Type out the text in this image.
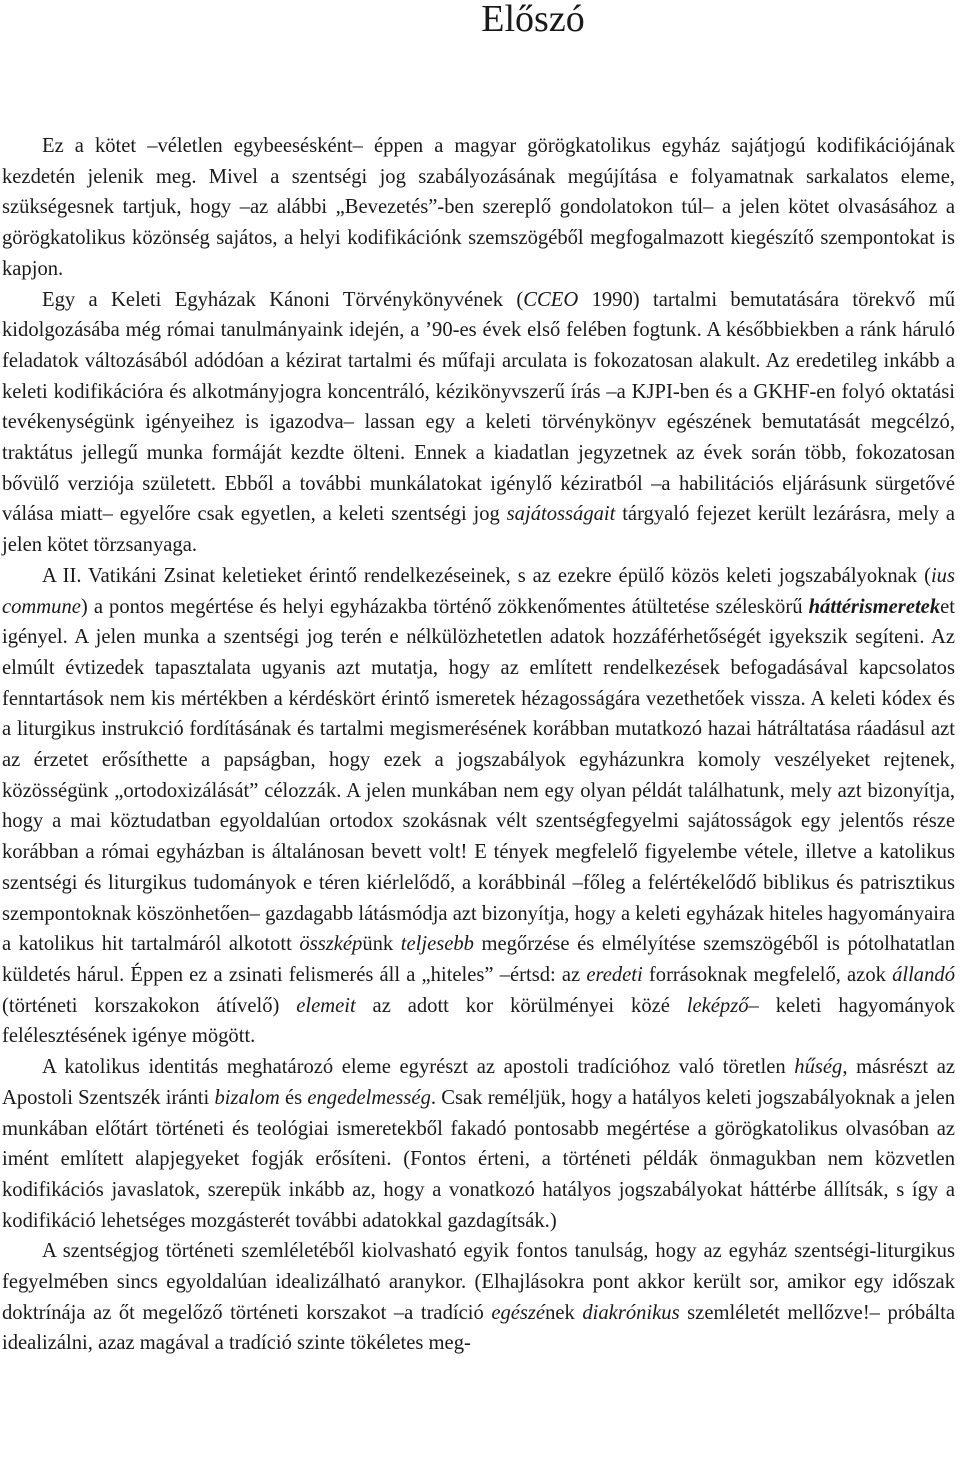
Előszó

Ez a kötet –véletlen egybeesésként– éppen a magyar görögkatolikus egyház sajátjogú kodifikációjának kezdetén jelenik meg. Mivel a szentségi jog szabályozásának megújítása e folyamatnak sarkalatos eleme, szükségesnek tartjuk, hogy –az alábbi „Bevezetés”-ben szereplő gondolatokon túl– a jelen kötet olvasásához a görögkatolikus közönség sajátos, a helyi kodifikációnk szemszögéből megfogalmazott kiegészítő szempontokat is kapjon.

Egy a Keleti Egyházak Kánoni Törvénykönyvének (CCEO 1990) tartalmi bemutatására törekvő mű kidolgozásába még római tanulmányaink idején, a ’90-es évek első felében fogtunk. A későbbiekben a ránk háruló feladatok változásából adódóan a kézirat tartalmi és műfaji arculata is fokozatosan alakult. Az eredetileg inkább a keleti kodifikációra és alkotmányjogra koncentráló, kézikönyvszerű írás –a KJPI-ben és a GKHF-en folyó oktatási tevékenységünk igényeihez is igazodva– lassan egy a keleti törvénykönyv egészének bemutatását megcélzó, traktátus jellegű munka formáját kezdte ölteni. Ennek a kiadatlan jegyzetnek az évek során több, fokozatosan bővülő verziója született. Ebből a további munkálatokat igénylő kéziratból –a habilitációs eljárásunk sürgetővé válása miatt– egyelőre csak egyetlen, a keleti szentségi jog sajátosságait tárgyaló fejezet került lezárásra, mely a jelen kötet törzsanyaga.

A II. Vatikáni Zsinat keletieket érintő rendelkezéseinek, s az ezekre épülő közös keleti jogszabályoknak (ius commune) a pontos megértése és helyi egyházakba történő zökkenőmentes átültetése széleskörű háttérismereteket igényel. A jelen munka a szentségi jog terén e nélkülözhetetlen adatok hozzáférhetőségét igyekszik segíteni. Az elmúlt évtizedek tapasztalata ugyanis azt mutatja, hogy az említett rendelkezések befogadásával kapcsolatos fenntartások nem kis mértékben a kérdéskört érintő ismeretek hézagosságára vezethetőek vissza. A keleti kódex és a liturgikus instrukció fordításának és tartalmi megismerésének korábban mutatkozó hazai hátráltatása ráadásul azt az érzetet erősíthette a papságban, hogy ezek a jogszabályok egyházunkra komoly veszélyeket rejtenek, közösségünk „ortodoxizálását” célozzák. A jelen munkában nem egy olyan példát találhatunk, mely azt bizonyítja, hogy a mai köztudatban egyoldalúan ortodox szokásnak vélt szentségfegyelmi sajátosságok egy jelentős része korábban a római egyházban is általánosan bevett volt! E tények megfelelő figyelembe vétele, illetve a katolikus szentségi és liturgikus tudományok e téren kiérlelődő, a korábbinál –főleg a felértékelődő biblikus és patrisztikus szempontoknak köszönhetően– gazdagabb látásmódja azt bizonyítja, hogy a keleti egyházak hiteles hagyományaira a katolikus hit tartalmáról alkotott összképünk teljesebb megőrzése és elmélyítése szemszögéből is pótolhatatlan küldetés hárul. Éppen ez a zsinati felismerés áll a „hiteles” –értsd: az eredeti forrásoknak megfelelő, azok állandó (történeti korszakokon átívelő) elemeit az adott kor körülményei közé leképző– keleti hagyományok felélesztésének igénye mögött.

A katolikus identitás meghatározó eleme egyrészt az apostoli tradícióhoz való töretlen hűség, másrészt az Apostoli Szentszék iránti bizalom és engedelmesség. Csak reméljük, hogy a hatályos keleti jogszabályoknak a jelen munkában előtárt történeti és teológiai ismeretekből fakadó pontosabb megértése a görögkatolikus olvasóban az imént említett alapjegyeket fogják erősíteni. (Fontos érteni, a történeti példák önmagukban nem közvetlen kodifikációs javaslatok, szerepük inkább az, hogy a vonatkozó hatályos jogszabályokat háttérbe állítsák, s így a kodifikáció lehetséges mozgásterét további adatokkal gazdagítsák.)

A szentségjog történeti szemléletéből kiolvasható egyik fontos tanulság, hogy az egyház szentségi-liturgikus fegyelmében sincs egyoldalúan idealizálható aranykor. (Elhajlásokra pont akkor került sor, amikor egy időszak doktrínája az őt megelőző történeti korszakot –a tradíció egészének diakrónikus szemléletét mellőzve!– próbálta idealizálni, azaz magával a tradíció szinte tökéletes meg-
